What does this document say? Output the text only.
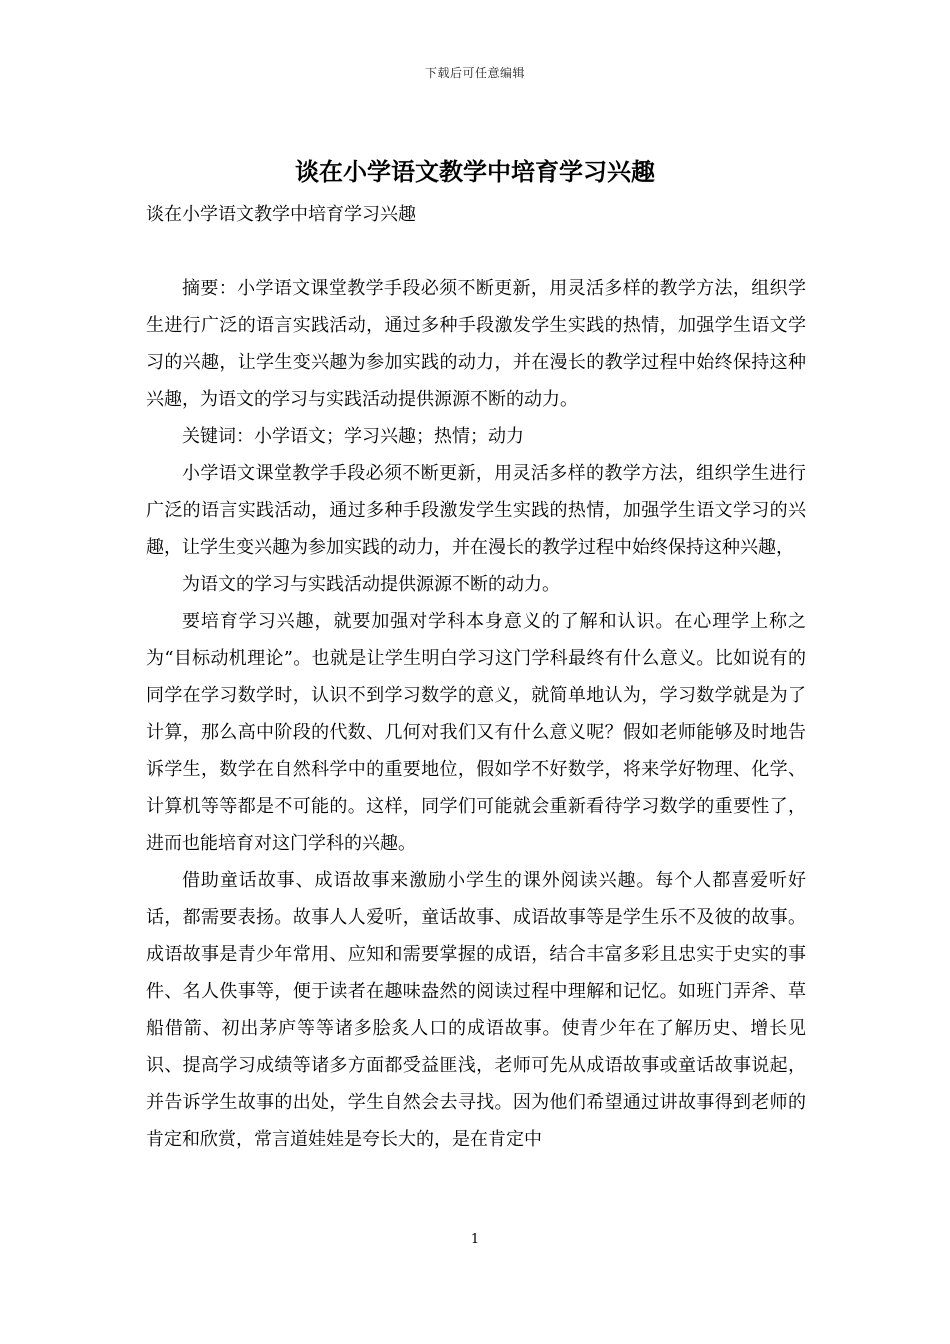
下载后可任意编辑
谈在小学语文教学中培育学习兴趣
谈在小学语文教学中培育学习兴趣

摘要：小学语文课堂教学手段必须不断更新，用灵活多样的教学方法，组织学生进行广泛的语言实践活动，通过多种手段激发学生实践的热情，加强学生语文学习的兴趣，让学生变兴趣为参加实践的动力，并在漫长的教学过程中始终保持这种兴趣，为语文的学习与实践活动提供源源不断的动力。

关键词：小学语文；学习兴趣；热情；动力

小学语文课堂教学手段必须不断更新，用灵活多样的教学方法，组织学生进行广泛的语言实践活动，通过多种手段激发学生实践的热情，加强学生语文学习的兴趣，让学生变兴趣为参加实践的动力，并在漫长的教学过程中始终保持这种兴趣，

为语文的学习与实践活动提供源源不断的动力。

要培育学习兴趣，就要加强对学科本身意义的了解和认识。在心理学上称之为“目标动机理论”。也就是让学生明白学习这门学科最终有什么意义。比如说有的同学在学习数学时，认识不到学习数学的意义，就简单地认为，学习数学就是为了计算，那么高中阶段的代数、几何对我们又有什么意义呢？假如老师能够及时地告诉学生，数学在自然科学中的重要地位，假如学不好数学，将来学好物理、化学、计算机等等都是不可能的。这样，同学们可能就会重新看待学习数学的重要性了，进而也能培育对这门学科的兴趣。

借助童话故事、成语故事来激励小学生的课外阅读兴趣。每个人都喜爱听好话，都需要表扬。故事人人爱听，童话故事、成语故事等是学生乐不及彼的故事。成语故事是青少年常用、应知和需要掌握的成语，结合丰富多彩且忠实于史实的事件、名人佚事等，便于读者在趣味盎然的阅读过程中理解和记忆。如班门弄斧、草船借箭、初出茅庐等等诸多脍炙人口的成语故事。使青少年在了解历史、增长见识、提高学习成绩等诸多方面都受益匪浅，老师可先从成语故事或童话故事说起，并告诉学生故事的出处，学生自然会去寻找。因为他们希望通过讲故事得到老师的肯定和欣赏，常言道娃娃是夸长大的，是在肯定中

1
